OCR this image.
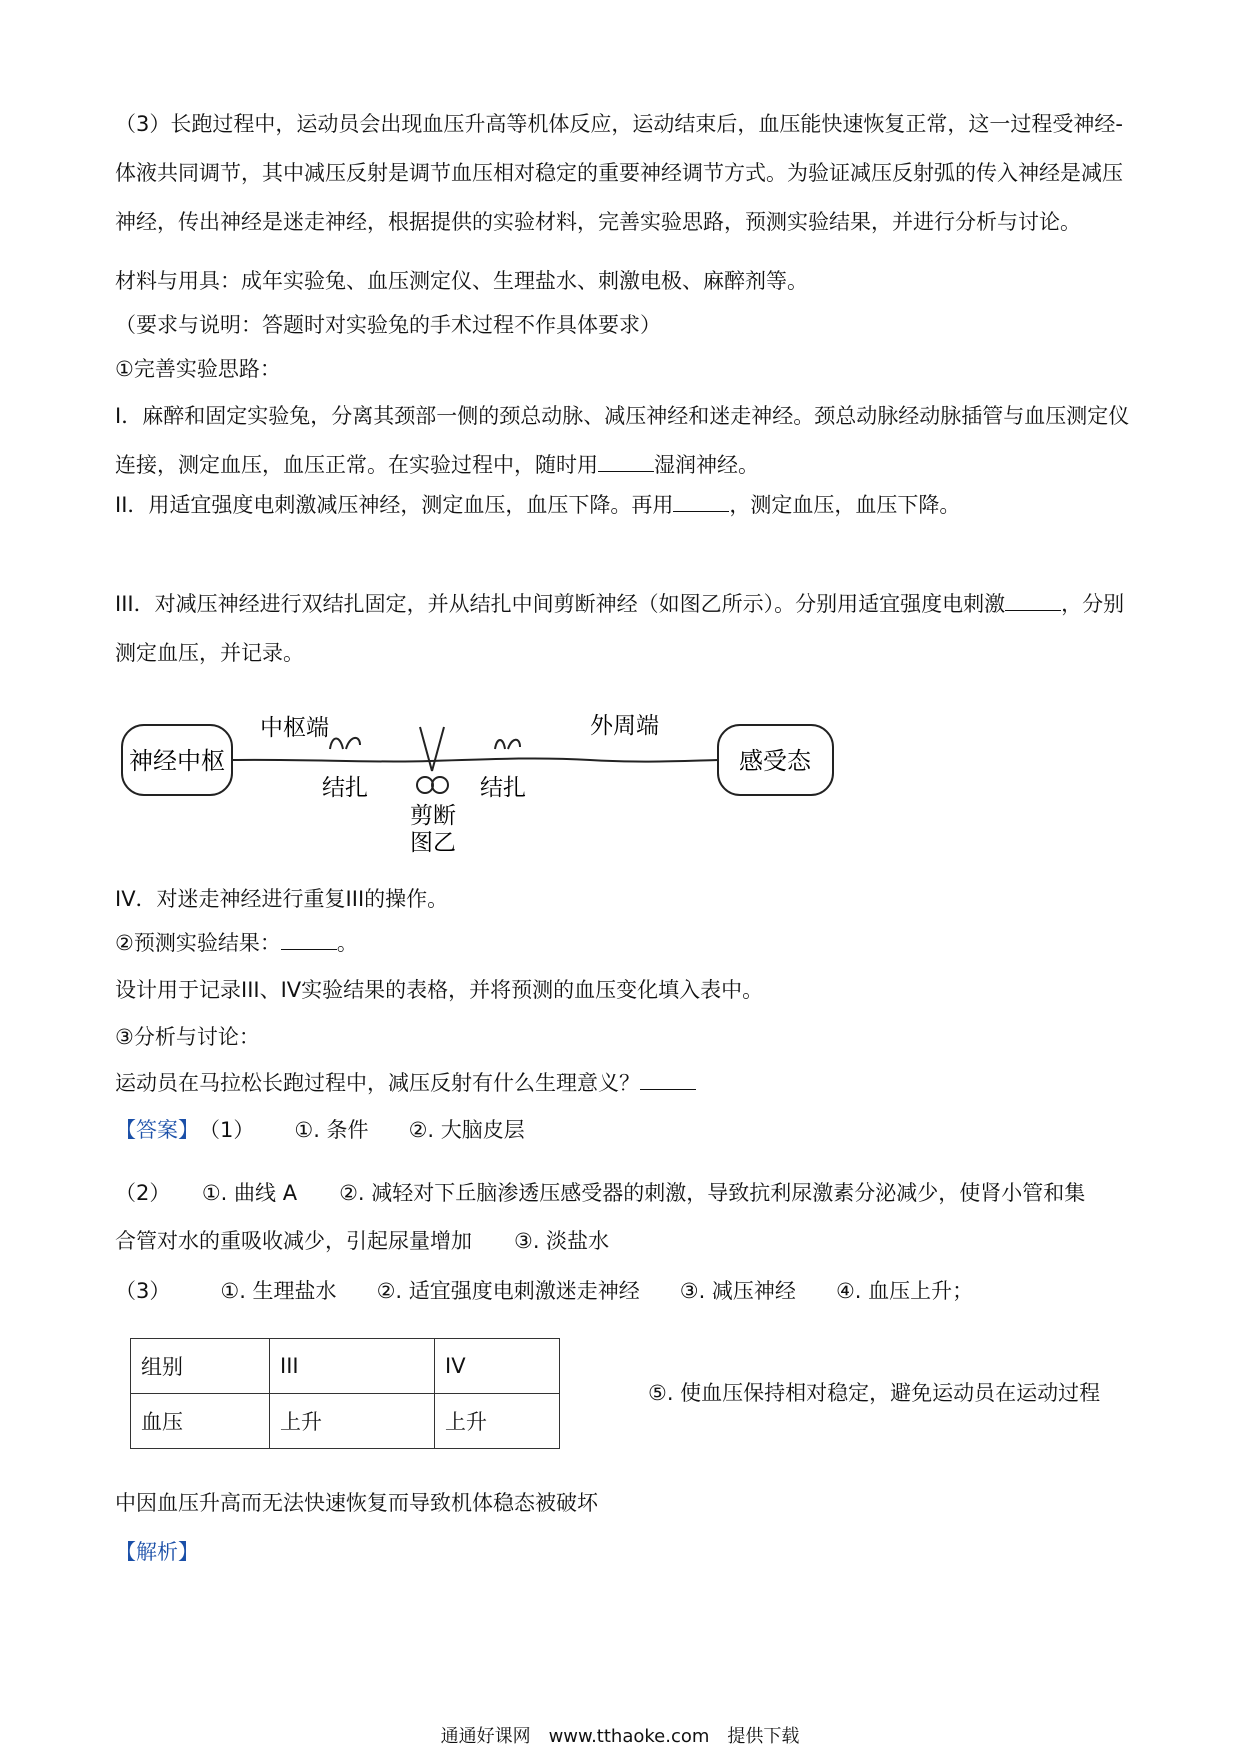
（3）长跑过程中，运动员会出现血压升高等机体反应，运动结束后，血压能快速恢复正常，这一过程受神经-体液共同调节，其中减压反射是调节血压相对稳定的重要神经调节方式。为验证减压反射弧的传入神经是减压神经，传出神经是迷走神经，根据提供的实验材料，完善实验思路，预测实验结果，并进行分析与讨论。

材料与用具：成年实验兔、血压测定仪、生理盐水、刺激电极、麻醉剂等。

（要求与说明：答题时对实验兔的手术过程不作具体要求）

①完善实验思路：

I．麻醉和固定实验兔，分离其颈部一侧的颈总动脉、减压神经和迷走神经。颈总动脉经动脉插管与血压测定仪连接，测定血压，血压正常。在实验过程中，随时用	湿润神经。

II．用适宜强度电刺激减压神经，测定血压，血压下降。再用	，测定血压，血压下降。

III．对减压神经进行双结扎固定，并从结扎中间剪断神经（如图乙所示）。分别用适宜强度电刺激	，分别测定血压，并记录。

神经中枢	感受态
中枢端	外周端
结扎	结扎
剪断
图乙

IV．对迷走神经进行重复III的操作。

②预测实验结果：	。

设计用于记录III、IV实验结果的表格，并将预测的血压变化填入表中。

③分析与讨论：

运动员在马拉松长跑过程中，减压反射有什么生理意义？

【答案】（1） ①. 条件 ②. 大脑皮层
（2）　　①. 曲线 A　　②. 减轻对下丘脑渗透压感受器的刺激，导致抗利尿激素分泌减少，使肾小管和集
合管对水的重吸收减少，引起尿量增加　　③. 淡盐水
（3） ①. 生理盐水 ②. 适宜强度电刺激迷走神经 ③. 减压神经 ④. 血压上升；
组别	III	IV
血压	上升	上升
⑤. 使血压保持相对稳定，避免运动员在运动过程
中因血压升高而无法快速恢复而导致机体稳态被破坏
【解析】
通通好课网　www.tthaoke.com　提供下载
